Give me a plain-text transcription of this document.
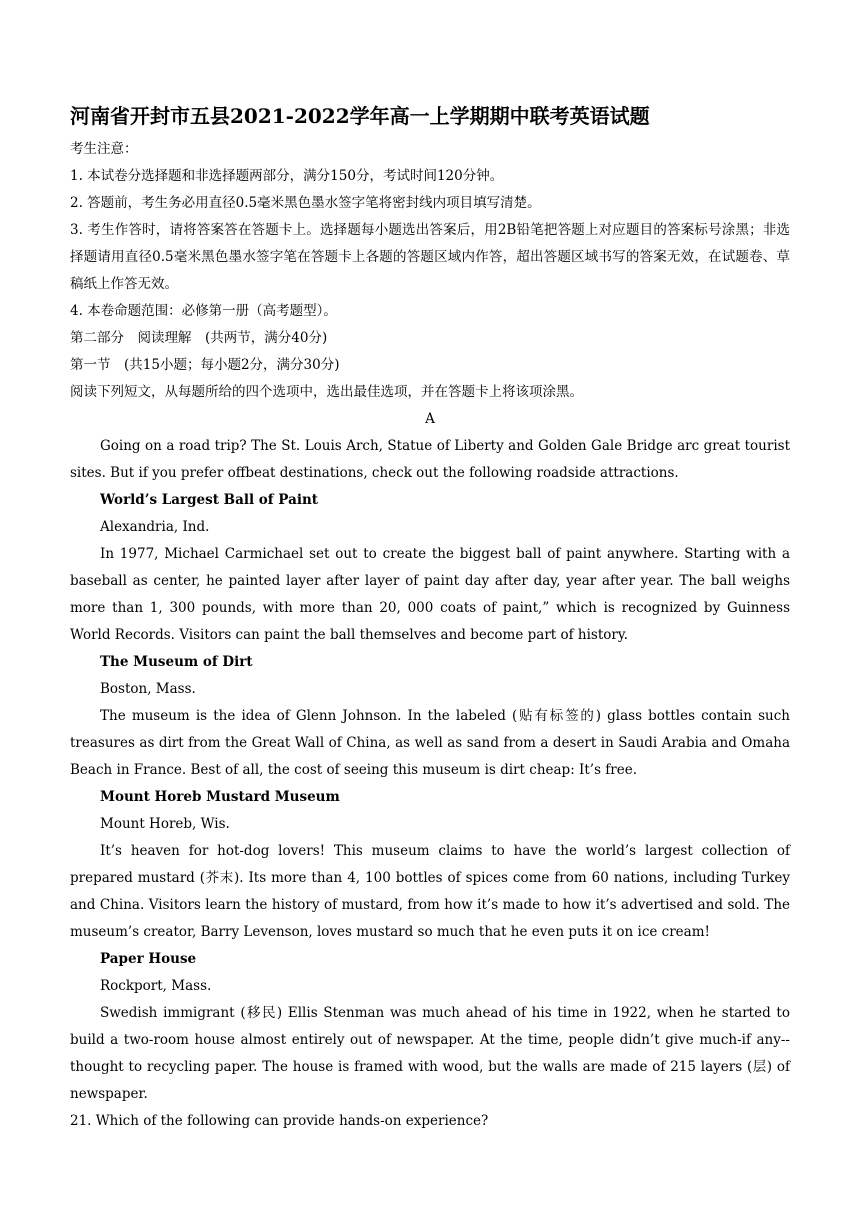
河南省开封市五县2021-2022学年高一上学期期中联考英语试题

考生注意：

1. 本试卷分选择题和非选择题两部分，满分150分，考试时间120分钟。

2. 答题前，考生务必用直径0.5毫米黑色墨水签字笔将密封线内项目填写清楚。

3. 考生作答时，请将答案答在答题卡上。选择题每小题选出答案后，用2B铅笔把答题上对应题目的答案标号涂黑；非选择题请用直径0.5毫米黑色墨水签字笔在答题卡上各题的答题区域内作答，超出答题区域书写的答案无效，在试题卷、草稿纸上作答无效。

4. 本卷命题范围：必修第一册（高考题型）。

第二部分　阅读理解　(共两节，满分40分)

第一节　(共15小题；每小题2分，满分30分)

阅读下列短文，从每题所给的四个选项中，选出最佳选项，并在答题卡上将该项涂黑。

A

Going on a road trip? The St. Louis Arch, Statue of Liberty and Golden Gale Bridge arc great tourist sites. But if you prefer offbeat destinations, check out the following roadside attractions.

World’s Largest Ball of Paint

Alexandria, Ind.

In 1977, Michael Carmichael set out to create the biggest ball of paint anywhere. Starting with a baseball as center, he painted layer after layer of paint day after day, year after year. The ball weighs more than 1, 300 pounds, with more than 20, 000 coats of paint,” which is recognized by Guinness World Records. Visitors can paint the ball themselves and become part of history.

The Museum of Dirt

Boston, Mass.

The museum is the idea of Glenn Johnson. In the labeled (贴有标签的) glass bottles contain such treasures as dirt from the Great Wall of China, as well as sand from a desert in Saudi Arabia and Omaha Beach in France. Best of all, the cost of seeing this museum is dirt cheap: It’s free.

Mount Horeb Mustard Museum

Mount Horeb, Wis.

It’s heaven for hot-dog lovers! This museum claims to have the world’s largest collection of prepared mustard (芥末). Its more than 4, 100 bottles of spices come from 60 nations, including Turkey and China. Visitors learn the history of mustard, from how it’s made to how it’s advertised and sold. The museum’s creator, Barry Levenson, loves mustard so much that he even puts it on ice cream!

Paper House

Rockport, Mass.

Swedish immigrant (移民) Ellis Stenman was much ahead of his time in 1922, when he started to build a two-room house almost entirely out of newspaper. At the time, people didn’t give much-if any--thought to recycling paper. The house is framed with wood, but the walls are made of 215 layers (层) of newspaper.

21. Which of the following can provide hands-on experience?
